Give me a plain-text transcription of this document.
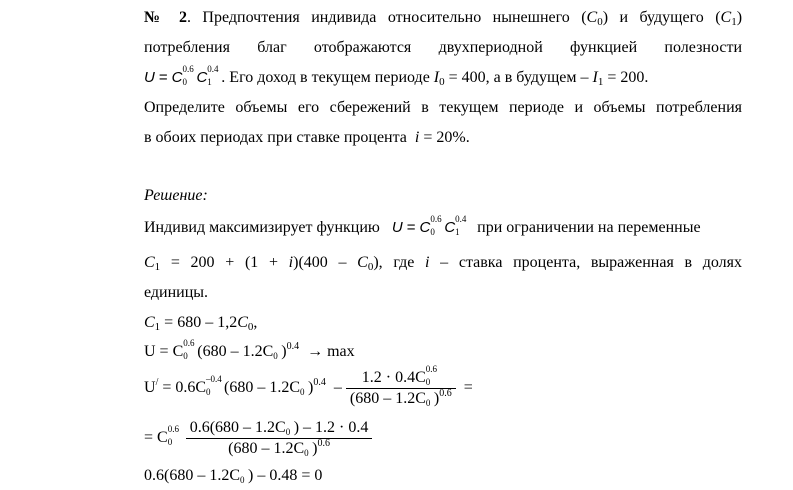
№ 2. Предпочтения индивида относительно нынешнего $(C_0)$ и будущего $(C_1)$
потребления благ отображаются двухпериодной функцией полезности
U = C 0.6
0 C 0.4
1 . Его доход в текущем периоде $I_0 = 400$, а в будущем – $I_1 = 200$.
Определите объемы его сбережений в текущем периоде и объемы потребления
в обоих периодах при ставке процента i = 20%.
Решение:
Индивид максимизирует функцию U = C 0.6
0 C 0.4
1 при ограничении на переменные
$C_1 = 200 + (1 + i)(400 - C_0)$, где i – ставка процента, выраженная в долях
единицы.
$C_1 = 680 - 1,2C_0$,
U = C 0.6
0 (680 – 1.2C 0 )$^{0.4}$ → max
U/ = 0.6C –0.4
0 (680 – 1.2C 0 )$^{0.4}$ – 1.2 · 0.4C 0.6
0
(680 – 1.2C 0 )$^{0.6}$ =
= C 0.6
0
$\frac{0.6(680 - 1.2C 0 ) - 1.2 \cdot 0.4}{(680 - 1.2C 0 )^{0.6}}$
0.6(680 – 1.2C 0 ) – 0.48 = 0
